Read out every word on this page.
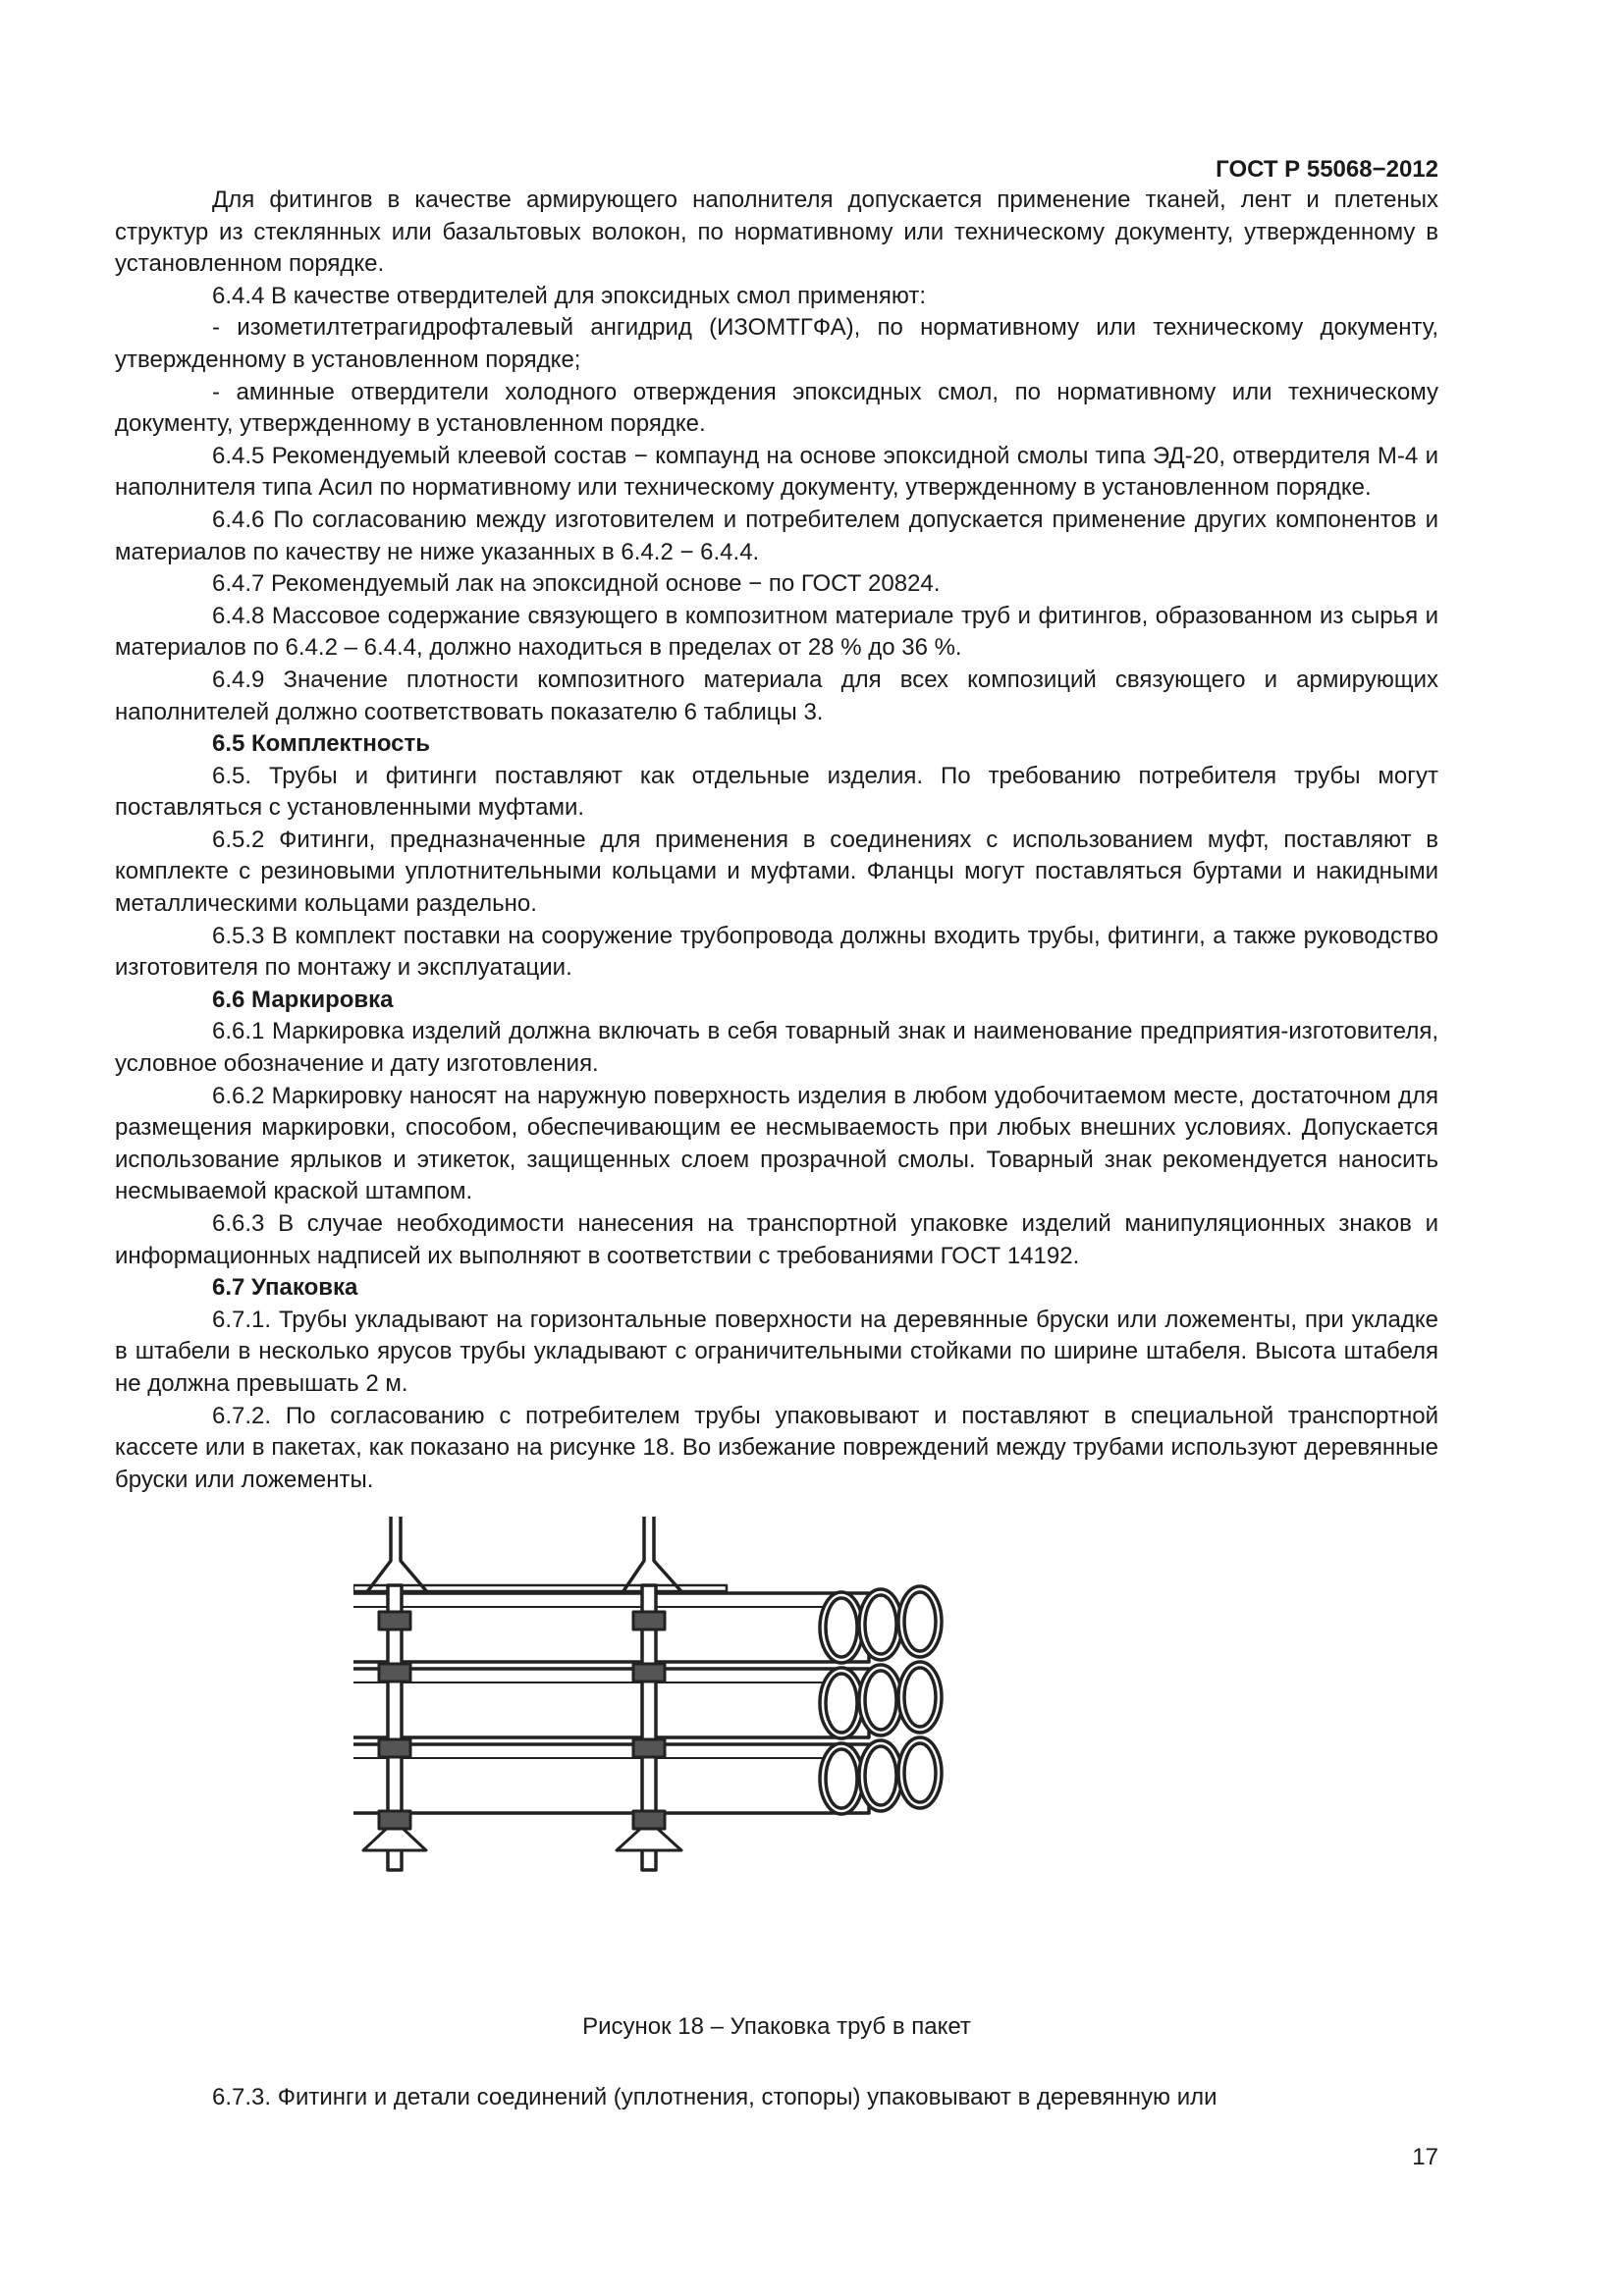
ГОСТ Р 55068−2012

Для фитингов в качестве армирующего наполнителя допускается применение тканей, лент и плетеных структур из стеклянных или базальтовых волокон, по нормативному или техническому документу, утвержденному в установленном порядке.

6.4.4 В качестве отвердителей для эпоксидных смол применяют:

- изометилтетрагидрофталевый ангидрид (ИЗОМТГФА), по нормативному или техническому документу, утвержденному в установленном порядке;

- аминные отвердители холодного отверждения эпоксидных смол, по нормативному или техническому документу, утвержденному в установленном порядке.

6.4.5 Рекомендуемый клеевой состав − компаунд на основе эпоксидной смолы типа ЭД-20, отвердителя М-4 и наполнителя типа Асил по нормативному или техническому документу, утвержденному в установленном порядке.

6.4.6 По согласованию между изготовителем и потребителем допускается применение других компонентов и материалов по качеству не ниже указанных в 6.4.2 − 6.4.4.

6.4.7 Рекомендуемый лак на эпоксидной основе − по ГОСТ 20824.

6.4.8 Массовое содержание связующего в композитном материале труб и фитингов, образованном из сырья и материалов по 6.4.2 – 6.4.4, должно находиться в пределах от 28 % до 36 %.

6.4.9 Значение плотности композитного материала для всех композиций связующего и армирующих наполнителей должно соответствовать показателю 6 таблицы 3.

6.5 Комплектность

6.5. Трубы и фитинги поставляют как отдельные изделия. По требованию потребителя трубы могут поставляться с установленными муфтами.

6.5.2 Фитинги, предназначенные для применения в соединениях с использованием муфт, поставляют в комплекте с резиновыми уплотнительными кольцами и муфтами. Фланцы могут поставляться буртами и накидными металлическими кольцами раздельно.

6.5.3 В комплект поставки на сооружение трубопровода должны входить трубы, фитинги, а также руководство изготовителя по монтажу и эксплуатации.

6.6 Маркировка

6.6.1 Маркировка изделий должна включать в себя товарный знак и наименование предприятия-изготовителя, условное обозначение и дату изготовления.

6.6.2 Маркировку наносят на наружную поверхность изделия в любом удобочитаемом месте, достаточном для размещения маркировки, способом, обеспечивающим ее несмываемость при любых внешних условиях. Допускается использование ярлыков и этикеток, защищенных слоем прозрачной смолы. Товарный знак рекомендуется наносить несмываемой краской штампом.

6.6.3 В случае необходимости нанесения на транспортной упаковке изделий манипуляционных знаков и информационных надписей их выполняют в соответствии с требованиями ГОСТ 14192.

6.7 Упаковка

6.7.1. Трубы укладывают на горизонтальные поверхности на деревянные бруски или ложементы, при укладке в штабели в несколько ярусов трубы укладывают с ограничительными стойками по ширине штабеля. Высота штабеля не должна превышать 2 м.

6.7.2. По согласованию с потребителем трубы упаковывают и поставляют в специальной транспортной кассете или в пакетах, как показано на рисунке 18. Во избежание повреждений между трубами используют деревянные бруски или ложементы.

Рисунок 18 – Упаковка труб в пакет

6.7.3. Фитинги и детали соединений (уплотнения, стопоры) упаковывают в деревянную или

17
